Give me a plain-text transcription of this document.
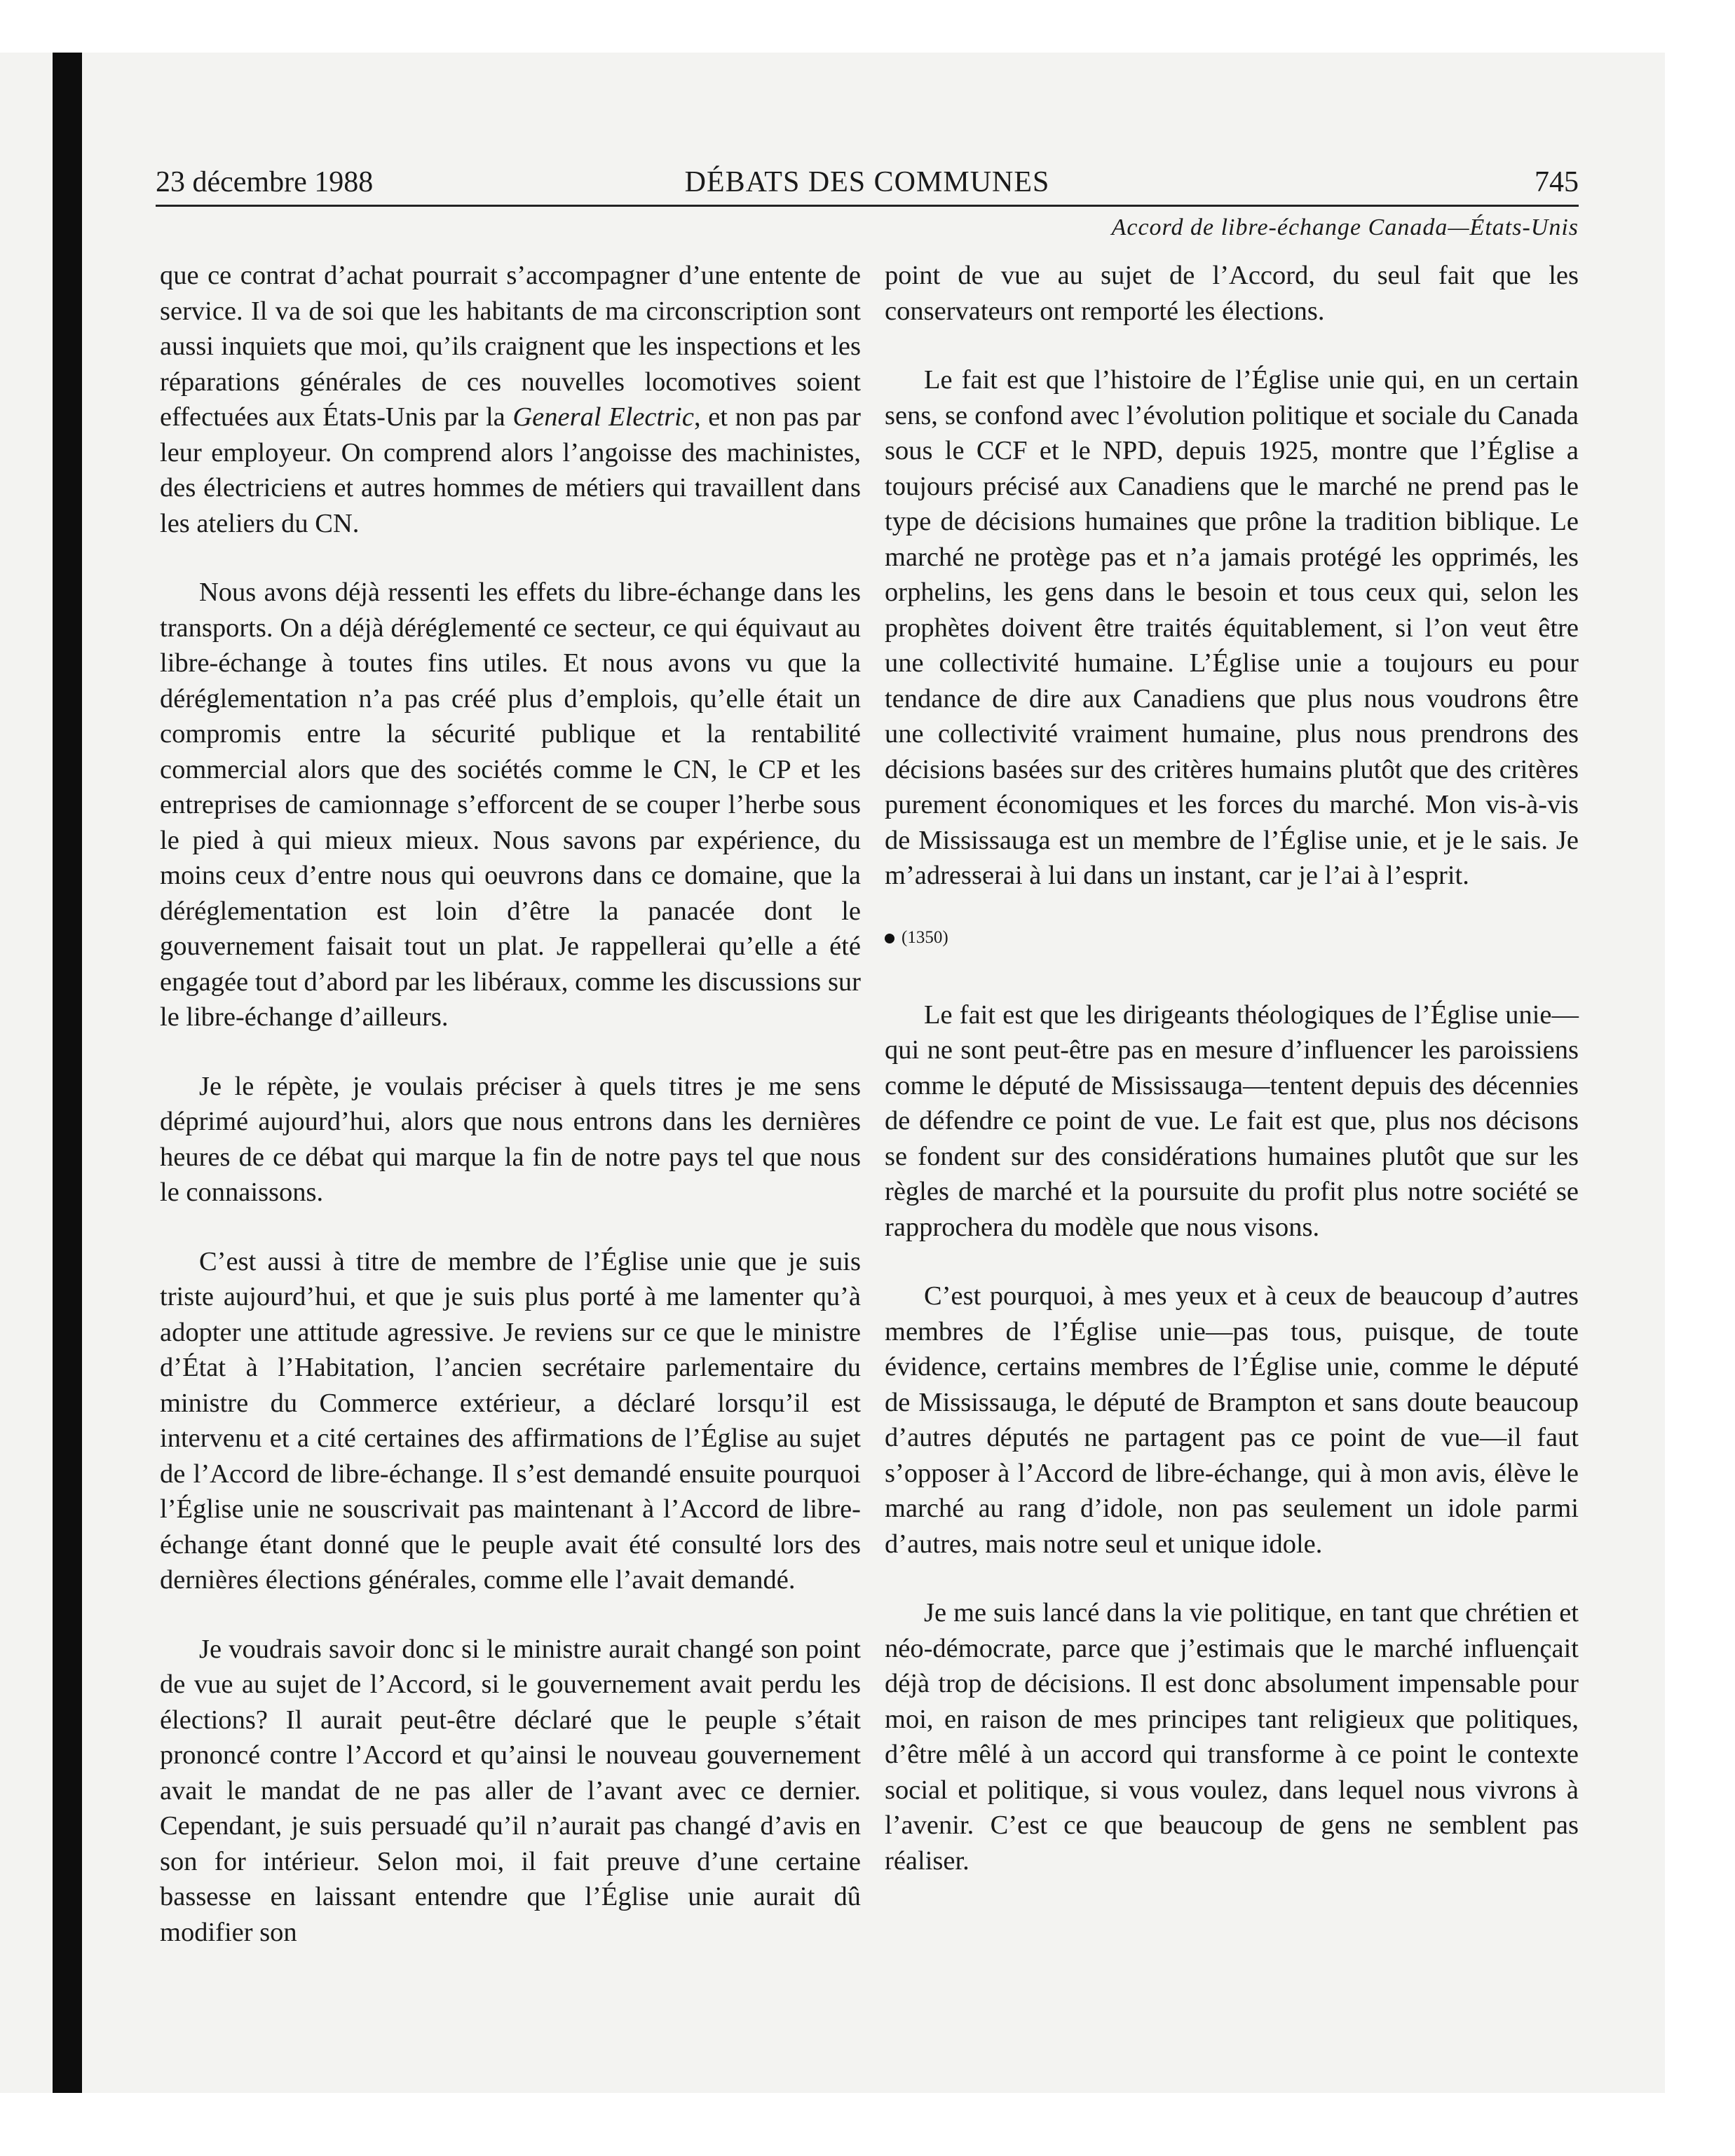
23 décembre 1988	DÉBATS DES COMMUNES	745
Accord de libre-échange Canada—États-Unis

que ce contrat d’achat pourrait s’accompagner d’une entente de service. Il va de soi que les habitants de ma circonscription sont aussi inquiets que moi, qu’ils craignent que les inspections et les réparations générales de ces nouvelles locomotives soient effectuées aux États-Unis par la General Electric, et non pas par leur employeur. On comprend alors l’angoisse des machinistes, des électriciens et autres hommes de métiers qui travaillent dans les ateliers du CN.

Nous avons déjà ressenti les effets du libre-échange dans les transports. On a déjà déréglementé ce secteur, ce qui équivaut au libre-échange à toutes fins utiles. Et nous avons vu que la déréglementation n’a pas créé plus d’emplois, qu’elle était un compromis entre la sécurité publique et la rentabilité commercial alors que des sociétés comme le CN, le CP et les entreprises de camionnage s’efforcent de se couper l’herbe sous le pied à qui mieux mieux. Nous savons par expérience, du moins ceux d’entre nous qui oeuvrons dans ce domaine, que la déréglementation est loin d’être la panacée dont le gouvernement faisait tout un plat. Je rappellerai qu’elle a été engagée tout d’abord par les libéraux, comme les discussions sur le libre-échange d’ailleurs.

Je le répète, je voulais préciser à quels titres je me sens déprimé aujourd’hui, alors que nous entrons dans les dernières heures de ce débat qui marque la fin de notre pays tel que nous le connaissons.

C’est aussi à titre de membre de l’Église unie que je suis triste aujourd’hui, et que je suis plus porté à me lamenter qu’à adopter une attitude agressive. Je reviens sur ce que le ministre d’État à l’Habitation, l’ancien secrétaire parlementaire du ministre du Commerce extérieur, a déclaré lorsqu’il est intervenu et a cité certaines des affirmations de l’Église au sujet de l’Accord de libre-échange. Il s’est demandé ensuite pourquoi l’Église unie ne souscrivait pas maintenant à l’Accord de libre-échange étant donné que le peuple avait été consulté lors des dernières élections générales, comme elle l’avait demandé.

Je voudrais savoir donc si le ministre aurait changé son point de vue au sujet de l’Accord, si le gouvernement avait perdu les élections? Il aurait peut-être déclaré que le peuple s’était prononcé contre l’Accord et qu’ainsi le nouveau gouvernement avait le mandat de ne pas aller de l’avant avec ce dernier. Cependant, je suis persuadé qu’il n’aurait pas changé d’avis en son for intérieur. Selon moi, il fait preuve d’une certaine bassesse en laissant entendre que l’Église unie aurait dû modifier son

point de vue au sujet de l’Accord, du seul fait que les conservateurs ont remporté les élections.

Le fait est que l’histoire de l’Église unie qui, en un certain sens, se confond avec l’évolution politique et sociale du Canada sous le CCF et le NPD, depuis 1925, montre que l’Église a toujours précisé aux Canadiens que le marché ne prend pas le type de décisions humaines que prône la tradition biblique. Le marché ne protège pas et n’a jamais protégé les opprimés, les orphelins, les gens dans le besoin et tous ceux qui, selon les prophètes doivent être traités équitablement, si l’on veut être une collectivité humaine. L’Église unie a toujours eu pour tendance de dire aux Canadiens que plus nous voudrons être une collectivité vraiment humaine, plus nous prendrons des décisions basées sur des critères humains plutôt que des critères purement économiques et les forces du marché. Mon vis-à-vis de Mississauga est un membre de l’Église unie, et je le sais. Je m’adresserai à lui dans un instant, car je l’ai à l’esprit.

(1350)

Le fait est que les dirigeants théologiques de l’Église unie—qui ne sont peut-être pas en mesure d’influencer les paroissiens comme le député de Mississauga—tentent depuis des décennies de défendre ce point de vue. Le fait est que, plus nos décisons se fondent sur des considérations humaines plutôt que sur les règles de marché et la poursuite du profit plus notre société se rapprochera du modèle que nous visons.

C’est pourquoi, à mes yeux et à ceux de beaucoup d’autres membres de l’Église unie—pas tous, puisque, de toute évidence, certains membres de l’Église unie, comme le député de Mississauga, le député de Brampton et sans doute beaucoup d’autres députés ne partagent pas ce point de vue—il faut s’opposer à l’Accord de libre-échange, qui à mon avis, élève le marché au rang d’idole, non pas seulement un idole parmi d’autres, mais notre seul et unique idole.

Je me suis lancé dans la vie politique, en tant que chrétien et néo-démocrate, parce que j’estimais que le marché influençait déjà trop de décisions. Il est donc absolument impensable pour moi, en raison de mes principes tant religieux que politiques, d’être mêlé à un accord qui transforme à ce point le contexte social et politique, si vous voulez, dans lequel nous vivrons à l’avenir. C’est ce que beaucoup de gens ne semblent pas réaliser.
